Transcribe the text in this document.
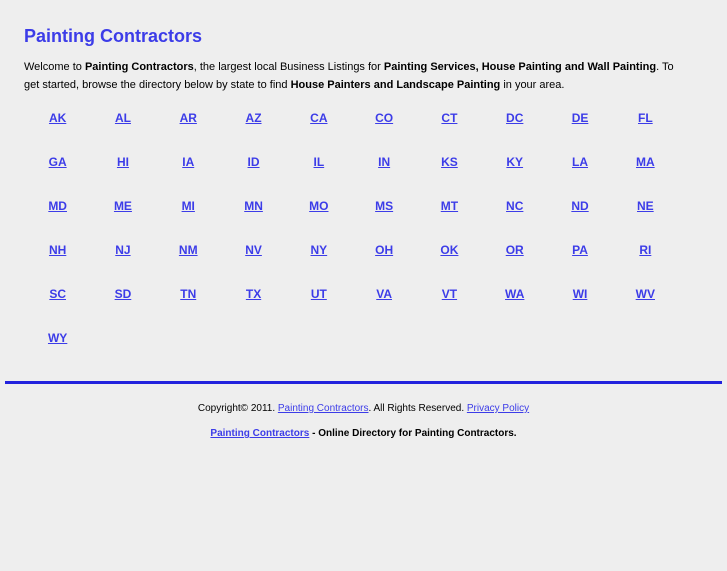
Painting Contractors

Welcome to Painting Contractors, the largest local Business Listings for Painting Services, House Painting and Wall Painting. To get started, browse the directory below by state to find House Painters and Landscape Painting in your area.

AK	AL	AR	AZ	CA	CO	CT	DC	DE	FL
GA	HI	IA	ID	IL	IN	KS	KY	LA	MA
MD	ME	MI	MN	MO	MS	MT	NC	ND	NE
NH	NJ	NM	NV	NY	OH	OK	OR	PA	RI
SC	SD	TN	TX	UT	VA	VT	WA	WI	WV
WY									

Copyright© 2011. Painting Contractors. All Rights Reserved. Privacy Policy

Painting Contractors - Online Directory for Painting Contractors.
